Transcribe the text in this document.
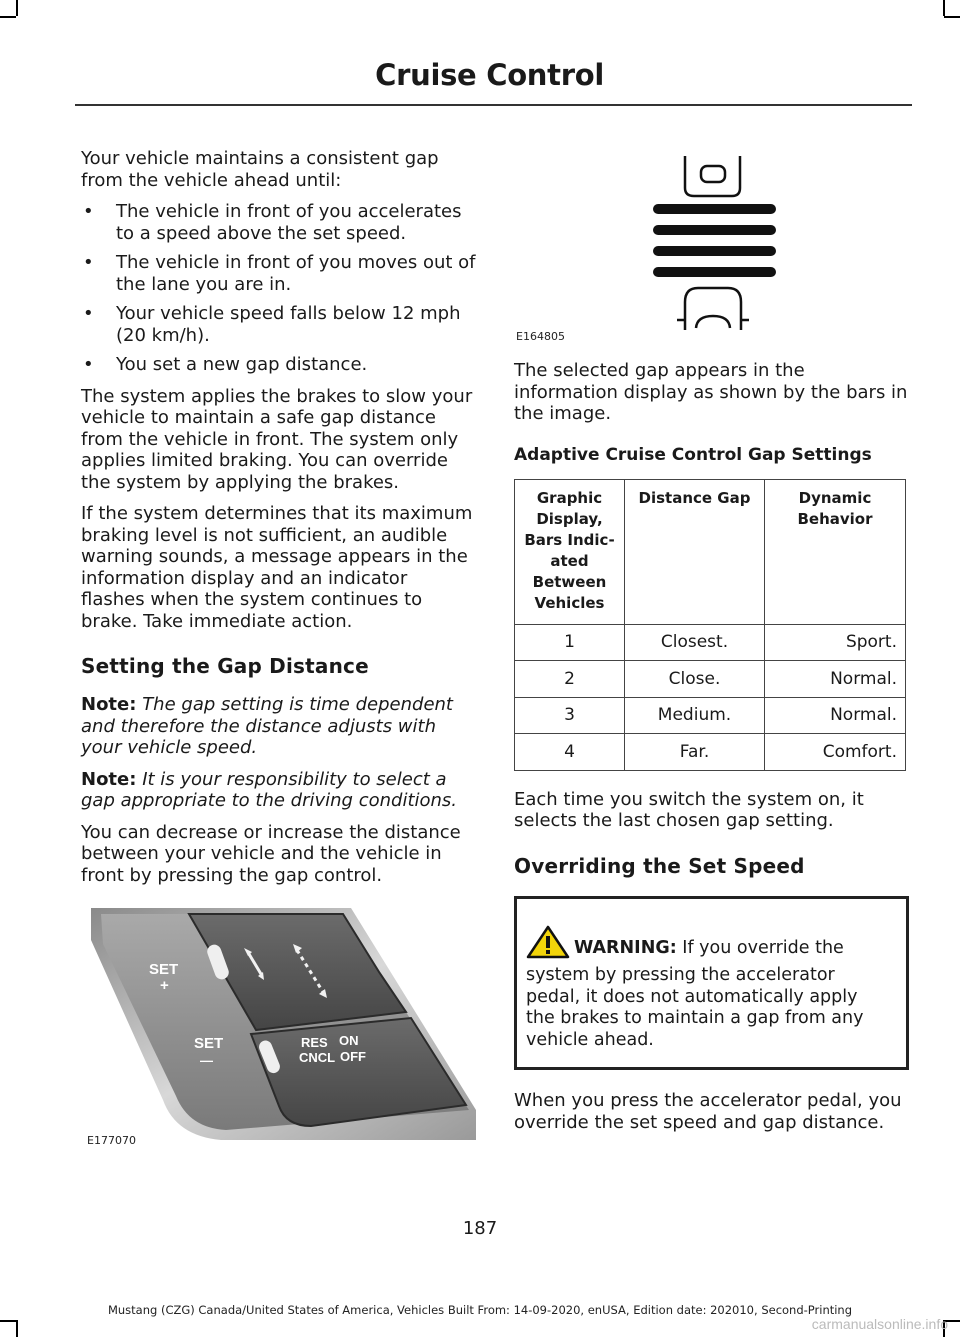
Cruise Control

Your vehicle maintains a consistent gap from the vehicle ahead until:

• The vehicle in front of you accelerates to a speed above the set speed.
• The vehicle in front of you moves out of the lane you are in.
• Your vehicle speed falls below 12 mph (20 km/h).
• You set a new gap distance.

The system applies the brakes to slow your vehicle to maintain a safe gap distance from the vehicle in front. The system only applies limited braking. You can override the system by applying the brakes.

If the system determines that its maximum braking level is not sufficient, an audible warning sounds, a message appears in the information display and an indicator flashes when the system continues to brake. Take immediate action.

Setting the Gap Distance

Note: The gap setting is time dependent and therefore the distance adjusts with your vehicle speed.

Note: It is your responsibility to select a gap appropriate to the driving conditions.

You can decrease or increase the distance between your vehicle and the vehicle in front by pressing the gap control.

SET
+
SET
—
RES ON
CNCL OFF
E177070
E164805

The selected gap appears in the information display as shown by the bars in the image.

Adaptive Cruise Control Gap Settings
Graphic Display, Bars Indic-ated Between Vehicles	Distance Gap	Dynamic Behavior
1	Closest.	Sport.
2	Close.	Normal.
3	Medium.	Normal.
4	Far.	Comfort.

Each time you switch the system on, it selects the last chosen gap setting.

Overriding the Set Speed
WARNING: If you override the system by pressing the accelerator pedal, it does not automatically apply the brakes to maintain a gap from any vehicle ahead.

When you press the accelerator pedal, you override the set speed and gap distance.

187
Mustang (CZG) Canada/United States of America, Vehicles Built From: 14-09-2020, enUSA, Edition date: 202010, Second-Printing
carmanualsonline.info
